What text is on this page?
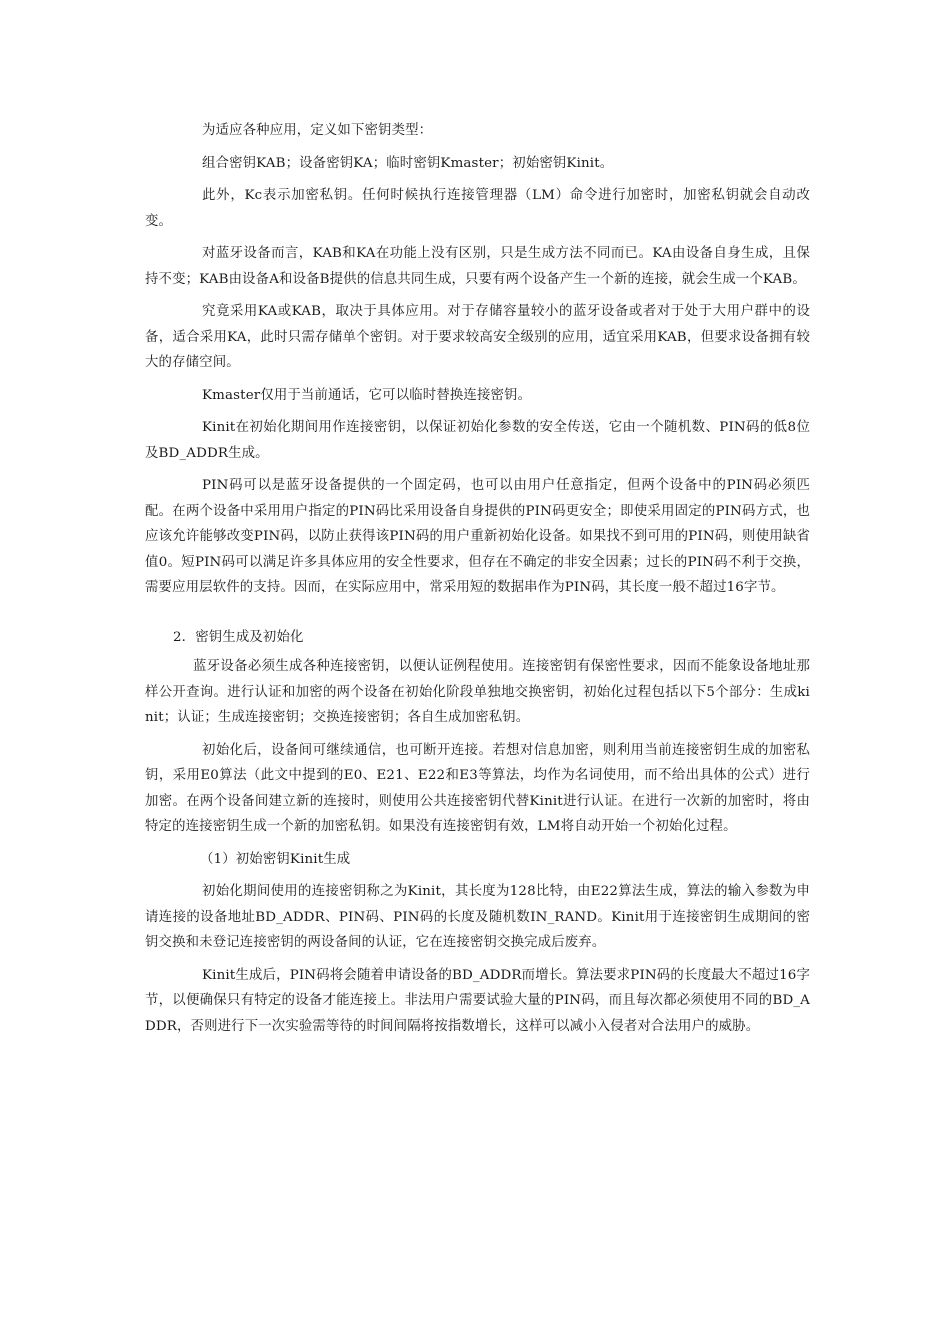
为适应各种应用，定义如下密钥类型：

组合密钥KAB；设备密钥KA；临时密钥Kmaster；初始密钥Kinit。

此外，Kc表示加密私钥。任何时候执行连接管理器（LM）命令进行加密时，加密私钥就会自动改变。

对蓝牙设备而言，KAB和KA在功能上没有区别，只是生成方法不同而已。KA由设备自身生成，且保持不变；KAB由设备A和设备B提供的信息共同生成，只要有两个设备产生一个新的连接，就会生成一个KAB。

究竟采用KA或KAB，取决于具体应用。对于存储容量较小的蓝牙设备或者对于处于大用户群中的设备，适合采用KA，此时只需存储单个密钥。对于要求较高安全级别的应用，适宜采用KAB，但要求设备拥有较大的存储空间。

Kmaster仅用于当前通话，它可以临时替换连接密钥。

Kinit在初始化期间用作连接密钥，以保证初始化参数的安全传送，它由一个随机数、PIN码的低8位及BD_ADDR生成。

PIN码可以是蓝牙设备提供的一个固定码，也可以由用户任意指定，但两个设备中的PIN码必须匹配。在两个设备中采用用户指定的PIN码比采用设备自身提供的PIN码更安全；即使采用固定的PIN码方式，也应该允许能够改变PIN码，以防止获得该PIN码的用户重新初始化设备。如果找不到可用的PIN码，则使用缺省值0。短PIN码可以满足许多具体应用的安全性要求，但存在不确定的非安全因素；过长的PIN码不利于交换，需要应用层软件的支持。因而，在实际应用中，常采用短的数据串作为PIN码，其长度一般不超过16字节。

2．密钥生成及初始化

蓝牙设备必须生成各种连接密钥，以便认证例程使用。连接密钥有保密性要求，因而不能象设备地址那样公开查询。进行认证和加密的两个设备在初始化阶段单独地交换密钥，初始化过程包括以下5个部分：生成kinit；认证；生成连接密钥；交换连接密钥；各自生成加密私钥。

初始化后，设备间可继续通信，也可断开连接。若想对信息加密，则利用当前连接密钥生成的加密私钥，采用E0算法（此文中提到的E0、E21、E22和E3等算法，均作为名词使用，而不给出具体的公式）进行加密。在两个设备间建立新的连接时，则使用公共连接密钥代替Kinit进行认证。在进行一次新的加密时，将由特定的连接密钥生成一个新的加密私钥。如果没有连接密钥有效，LM将自动开始一个初始化过程。

（1）初始密钥Kinit生成

初始化期间使用的连接密钥称之为Kinit，其长度为128比特，由E22算法生成，算法的输入参数为申请连接的设备地址BD_ADDR、PIN码、PIN码的长度及随机数IN_RAND。Kinit用于连接密钥生成期间的密钥交换和未登记连接密钥的两设备间的认证，它在连接密钥交换完成后废弃。

Kinit生成后，PIN码将会随着申请设备的BD_ADDR而增长。算法要求PIN码的长度最大不超过16字节，以便确保只有特定的设备才能连接上。非法用户需要试验大量的PIN码，而且每次都必须使用不同的BD_ADDR，否则进行下一次实验需等待的时间间隔将按指数增长，这样可以减小入侵者对合法用户的威胁。
